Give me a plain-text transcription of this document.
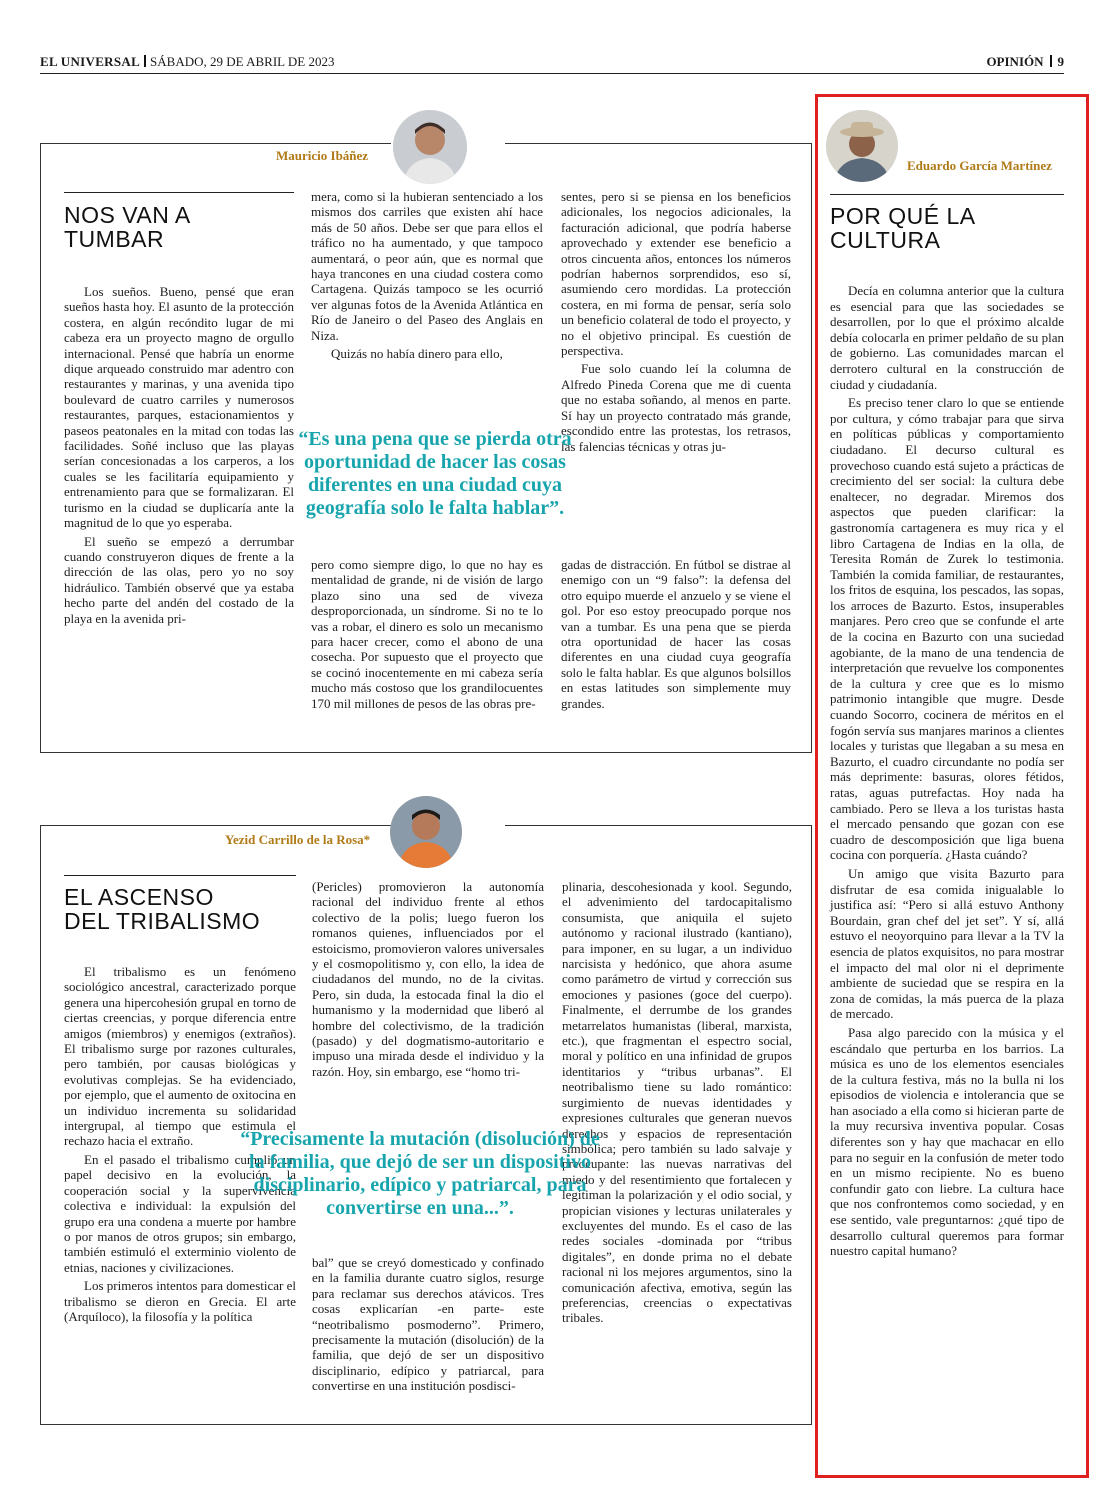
EL UNIVERSAL SÁBADO, 29 DE ABRIL DE 2023	OPINIÓN 9
Mauricio Ibáñez
NOS VAN A TUMBAR

Los sueños. Bueno, pensé que eran sueños hasta hoy. El asunto de la protección costera, en algún recóndito lugar de mi cabeza era un proyecto magno de orgullo internacional. Pensé que habría un enorme dique arqueado construido mar adentro con restaurantes y marinas, y una avenida tipo boulevard de cuatro carriles y numerosos restaurantes, parques, estacionamientos y paseos peatonales en la mitad con todas las facilidades. Soñé incluso que las playas serían concesionadas a los carperos, a los cuales se les facilitaría equipamiento y entrenamiento para que se formalizaran. El turismo en la ciudad se duplicaría ante la magnitud de lo que yo esperaba.

El sueño se empezó a derrumbar cuando construyeron diques de frente a la dirección de las olas, pero yo no soy hidráulico. También observé que ya estaba hecho parte del andén del costado de la playa en la avenida pri-

mera, como si la hubieran sentenciado a los mismos dos carriles que existen ahí hace más de 50 años. Debe ser que para ellos el tráfico no ha aumentado, y que tampoco aumentará, o peor aún, que es normal que haya trancones en una ciudad costera como Cartagena. Quizás tampoco se les ocurrió ver algunas fotos de la Avenida Atlántica en Río de Janeiro o del Paseo des Anglais en Niza.

Quizás no había dinero para ello,

pero como siempre digo, lo que no hay es mentalidad de grande, ni de visión de largo plazo sino una sed de viveza desproporcionada, un síndrome. Si no te lo vas a robar, el dinero es solo un mecanismo para hacer crecer, como el abono de una cosecha. Por supuesto que el proyecto que se cocinó inocentemente en mi cabeza sería mucho más costoso que los grandilocuentes 170 mil millones de pesos de las obras pre-

sentes, pero si se piensa en los beneficios adicionales, los negocios adicionales, la facturación adicional, que podría haberse aprovechado y extender ese beneficio a otros cincuenta años, entonces los números podrían habernos sorprendidos, eso sí, asumiendo cero mordidas. La protección costera, en mi forma de pensar, sería solo un beneficio colateral de todo el proyecto, y no el objetivo principal. Es cuestión de perspectiva.

Fue solo cuando leí la columna de Alfredo Pineda Corena que me di cuenta que no estaba soñando, al menos en parte. Sí hay un proyecto contratado más grande, escondido entre las protestas, los retrasos, las falencias técnicas y otras ju-

gadas de distracción. En fútbol se distrae al enemigo con un “9 falso”: la defensa del otro equipo muerde el anzuelo y se viene el gol. Por eso estoy preocupado porque nos van a tumbar. Es una pena que se pierda otra oportunidad de hacer las cosas diferentes en una ciudad cuya geografía solo le falta hablar. Es que algunos bolsillos en estas latitudes son simplemente muy grandes.

“Es una pena que se pierda otra oportunidad de hacer las cosas diferentes en una ciudad cuya geografía solo le falta hablar”.
Yezid Carrillo de la Rosa*
EL ASCENSO DEL TRIBALISMO

El tribalismo es un fenómeno sociológico ancestral, caracterizado porque genera una hipercohesión grupal en torno de ciertas creencias, y porque diferencia entre amigos (miembros) y enemigos (extraños). El tribalismo surge por razones culturales, pero también, por causas biológicas y evolutivas complejas. Se ha evidenciado, por ejemplo, que el aumento de oxitocina en un individuo incrementa su solidaridad intergrupal, al tiempo que estimula el rechazo hacia el extraño.

En el pasado el tribalismo cumplió un papel decisivo en la evolución, la cooperación social y la supervivencia colectiva e individual: la expulsión del grupo era una condena a muerte por hambre o por manos de otros grupos; sin embargo, también estimuló el exterminio violento de etnias, naciones y civilizaciones.

Los primeros intentos para domesticar el tribalismo se dieron en Grecia. El arte (Arquíloco), la filosofía y la política

(Pericles) promovieron la autonomía racional del individuo frente al ethos colectivo de la polis; luego fueron los romanos quienes, influenciados por el estoicismo, promovieron valores universales y el cosmopolitismo y, con ello, la idea de ciudadanos del mundo, no de la civitas. Pero, sin duda, la estocada final la dio el humanismo y la modernidad que liberó al hombre del colectivismo, de la tradición (pasado) y del dogmatismo-autoritario e impuso una mirada desde el individuo y la razón. Hoy, sin embargo, ese “homo tri-

bal” que se creyó domesticado y confinado en la familia durante cuatro siglos, resurge para reclamar sus derechos atávicos. Tres cosas explicarían -en parte- este “neotribalismo posmoderno”. Primero, precisamente la mutación (disolución) de la familia, que dejó de ser un dispositivo disciplinario, edípico y patriarcal, para convertirse en una institución posdisci-

plinaria, descohesionada y kool. Segundo, el advenimiento del tardocapitalismo consumista, que aniquila el sujeto autónomo y racional ilustrado (kantiano), para imponer, en su lugar, a un individuo narcisista y hedónico, que ahora asume como parámetro de virtud y corrección sus emociones y pasiones (goce del cuerpo). Finalmente, el derrumbe de los grandes metarrelatos humanistas (liberal, marxista, etc.), que fragmentan el espectro social, moral y político en una infinidad de grupos identitarios y “tribus urbanas”. El neotribalismo tiene su lado romántico: surgimiento de nuevas identidades y expresiones culturales que generan nuevos derechos y espacios de representación simbólica; pero también su lado salvaje y preocupante: las nuevas narrativas del miedo y del resentimiento que fortalecen y legitiman la polarización y el odio social, y propician visiones y lecturas unilaterales y excluyentes del mundo. Es el caso de las redes sociales -dominada por “tribus digitales”, en donde prima no el debate racional ni los mejores argumentos, sino la comunicación afectiva, emotiva, según las preferencias, creencias o expectativas tribales.

“Precisamente la mutación (disolución) de la familia, que dejó de ser un dispositivo disciplinario, edípico y patriarcal, para convertirse en una...”.
Eduardo García Martínez
POR QUÉ LA CULTURA

Decía en columna anterior que la cultura es esencial para que las sociedades se desarrollen, por lo que el próximo alcalde debía colocarla en primer peldaño de su plan de gobierno. Las comunidades marcan el derrotero cultural en la construcción de ciudad y ciudadanía.

Es preciso tener claro lo que se entiende por cultura, y cómo trabajar para que sirva en políticas públicas y comportamiento ciudadano. El decurso cultural es provechoso cuando está sujeto a prácticas de crecimiento del ser social: la cultura debe enaltecer, no degradar. Miremos dos aspectos que pueden clarificar: la gastronomía cartagenera es muy rica y el libro Cartagena de Indias en la olla, de Teresita Román de Zurek lo testimonia. También la comida familiar, de restaurantes, los fritos de esquina, los pescados, las sopas, los arroces de Bazurto. Estos, insuperables manjares. Pero creo que se confunde el arte de la cocina en Bazurto con una suciedad agobiante, de la mano de una tendencia de interpretación que revuelve los componentes de la cultura y cree que es lo mismo patrimonio intangible que mugre. Desde cuando Socorro, cocinera de méritos en el fogón servía sus manjares marinos a clientes locales y turistas que llegaban a su mesa en Bazurto, el cuadro circundante no podía ser más deprimente: basuras, olores fétidos, ratas, aguas putrefactas. Hoy nada ha cambiado. Pero se lleva a los turistas hasta el mercado pensando que gozan con ese cuadro de descomposición que liga buena cocina con porquería. ¿Hasta cuándo?

Un amigo que visita Bazurto para disfrutar de esa comida inigualable lo justifica así: “Pero si allá estuvo Anthony Bourdain, gran chef del jet set”. Y sí, allá estuvo el neoyorquino para llevar a la TV la esencia de platos exquisitos, no para mostrar el impacto del mal olor ni el deprimente ambiente de suciedad que se respira en la zona de comidas, la más puerca de la plaza de mercado.

Pasa algo parecido con la música y el escándalo que perturba en los barrios. La música es uno de los elementos esenciales de la cultura festiva, más no la bulla ni los episodios de violencia e intolerancia que se han asociado a ella como si hicieran parte de la muy recursiva inventiva popular. Cosas diferentes son y hay que machacar en ello para no seguir en la confusión de meter todo en un mismo recipiente. No es bueno confundir gato con liebre. La cultura hace que nos confrontemos como sociedad, y en ese sentido, vale preguntarnos: ¿qué tipo de desarrollo cultural queremos para formar nuestro capital humano?
